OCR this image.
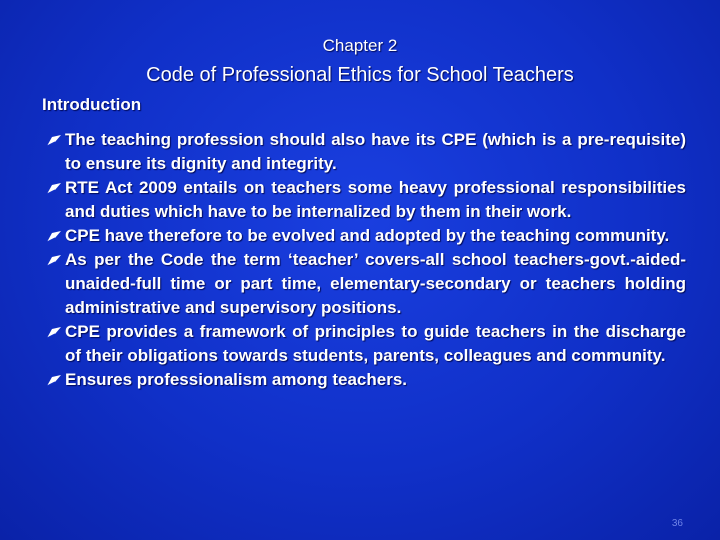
Chapter 2
Code of Professional Ethics for School Teachers
Introduction
The teaching profession should also have its CPE (which is a pre-requisite) to ensure its dignity and integrity.
RTE Act 2009 entails on teachers some heavy professional responsibilities and duties which have to be internalized by them in their work.
CPE have therefore to be evolved and adopted by the teaching community.
As per the Code the term ‘teacher’ covers-all school teachers-govt.-aided- unaided-full time or part time, elementary-secondary or teachers holding administrative and supervisory positions.
CPE provides a framework of principles to guide teachers in the discharge of their obligations towards students, parents, colleagues and community.
Ensures professionalism among teachers.
36
